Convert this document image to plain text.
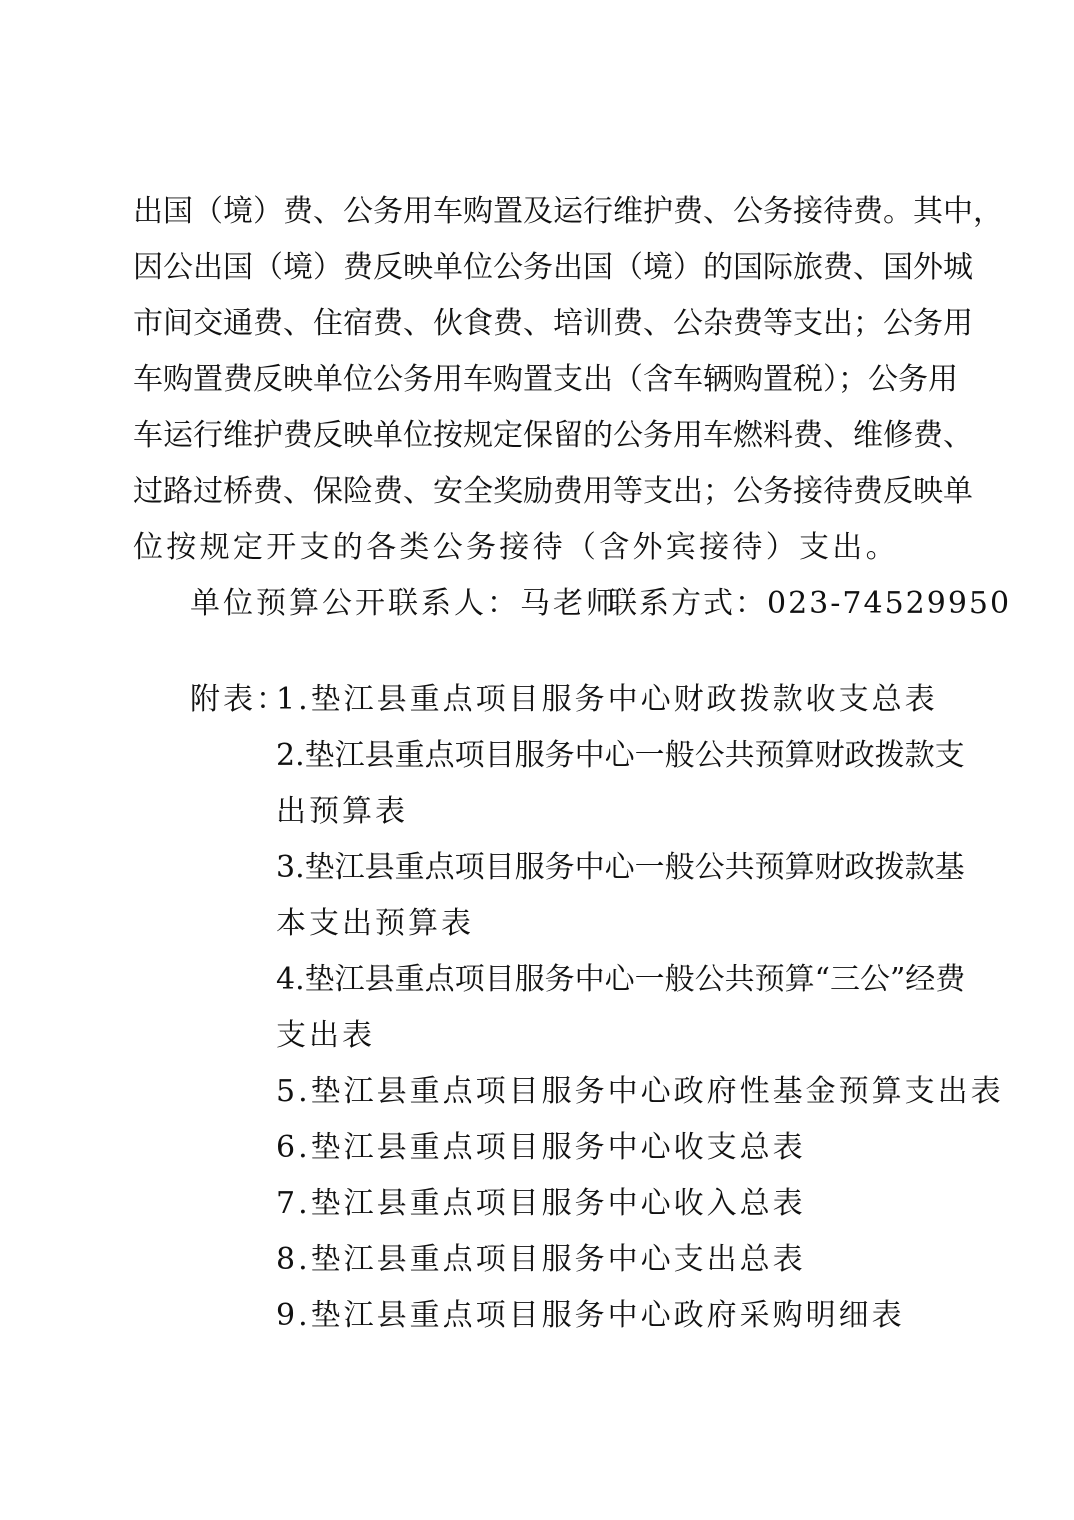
出国（境）费、公务用车购置及运行维护费、公务接待费。其中，
因公出国（境）费反映单位公务出国（境）的国际旅费、国外城
市间交通费、住宿费、伙食费、培训费、公杂费等支出；公务用
车购置费反映单位公务用车购置支出（含车辆购置税）；公务用
车运行维护费反映单位按规定保留的公务用车燃料费、维修费、
过路过桥费、保险费、安全奖励费用等支出；公务接待费反映单
位按规定开支的各类公务接待（含外宾接待）支出。
单位预算公开联系人：马老师
联系方式：023-74529950
附表：
1.垫江县重点项目服务中心财政拨款收支总表
2.垫江县重点项目服务中心一般公共预算财政拨款支
出预算表
3.垫江县重点项目服务中心一般公共预算财政拨款基
本支出预算表
4.垫江县重点项目服务中心一般公共预算“三公”经费
支出表
5.垫江县重点项目服务中心政府性基金预算支出表
6.垫江县重点项目服务中心收支总表
7.垫江县重点项目服务中心收入总表
8.垫江县重点项目服务中心支出总表
9.垫江县重点项目服务中心政府采购明细表
